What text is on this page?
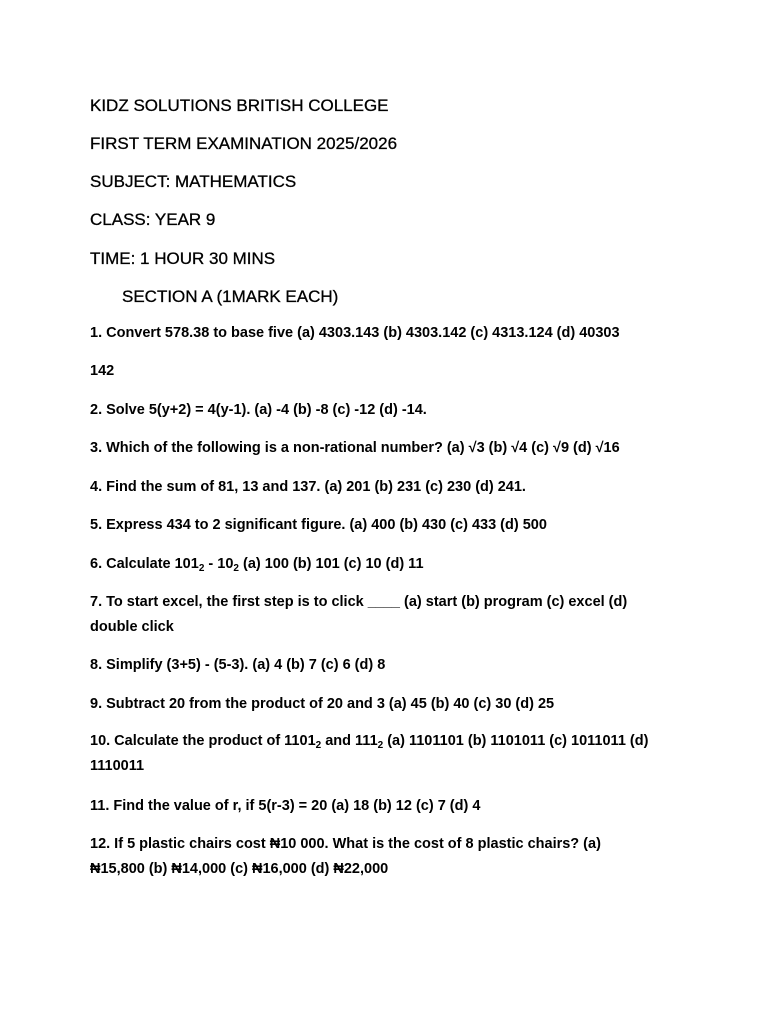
KIDZ SOLUTIONS BRITISH COLLEGE
FIRST TERM EXAMINATION 2025/2026
SUBJECT: MATHEMATICS
CLASS: YEAR 9
TIME: 1 HOUR 30 MINS
SECTION A (1MARK EACH)
1. Convert 578.38 to base five (a) 4303.143 (b) 4303.142 (c) 4313.124 (d) 40303
142
2. Solve 5(y+2) = 4(y-1). (a) -4 (b) -8 (c) -12 (d) -14.
3. Which of the following is a non-rational number? (a) √3 (b) √4 (c) √9 (d) √16
4. Find the sum of 81, 13 and 137. (a) 201 (b) 231 (c) 230 (d) 241.
5. Express 434 to 2 significant figure. (a) 400 (b) 430 (c) 433 (d) 500
6. Calculate $101_2 - 10_2$ (a) 100 (b) 101 (c) 10 (d) 11
7. To start excel, the first step is to click ____ (a) start (b) program (c) excel (d) double click
8. Simplify (3+5) - (5-3). (a) 4 (b) 7 (c) 6 (d) 8
9. Subtract 20 from the product of 20 and 3 (a) 45 (b) 40 (c) 30 (d) 25
10. Calculate the product of $1101_2$ and $111_2$ (a) 1101101 (b) 1101011 (c) 1011011 (d) 1110011
11. Find the value of r, if 5(r-3) = 20 (a) 18 (b) 12 (c) 7 (d) 4
12. If 5 plastic chairs cost ₦10 000. What is the cost of 8 plastic chairs? (a) ₦15,800 (b) ₦14,000 (c) ₦16,000 (d) ₦22,000
